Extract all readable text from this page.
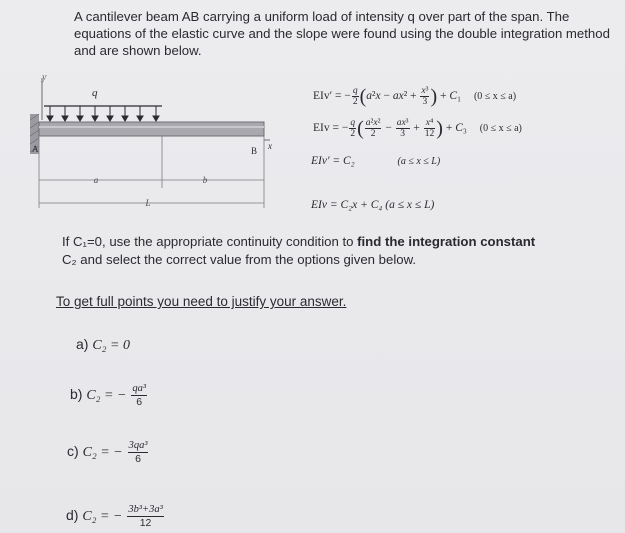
A cantilever beam AB carrying a uniform load of intensity q over part of the span. The equations of the elastic curve and the slope were found using the double integration method and are shown below.
y
q
A	B x
a	b
L
EIv′ = − $\frac{q}{2} (a^2x - ax^2 + \frac{\text{x³}}{3}$ ) + C₁ (0 ≤ x ≤ a)
EIv = − $\frac{q}{2}$ ( $\frac{\text{a²x²}}{2} - \frac{\text{ax³}}{3} + \frac{\text{x⁴}}{12}$ ) + C₃ (0 ≤ x ≤ a)
EIv′ = C₂	(a ≤ x ≤ L)
EIv = C₂x + C₄ (a ≤ x ≤ L)
If C₁=0, use the appropriate continuity condition to find the integration constant
C₂ and select the correct value from the options given below.
To get full points you need to justify your answer.
a) C₂ = 0
b) C₂ = − $\frac{\text{qa³}}{6}$
c) C₂ = − $\frac{\text{3qa³}}{6}$
d) C₂ = − $\frac{\text{3b³+3a³}}{12}$
